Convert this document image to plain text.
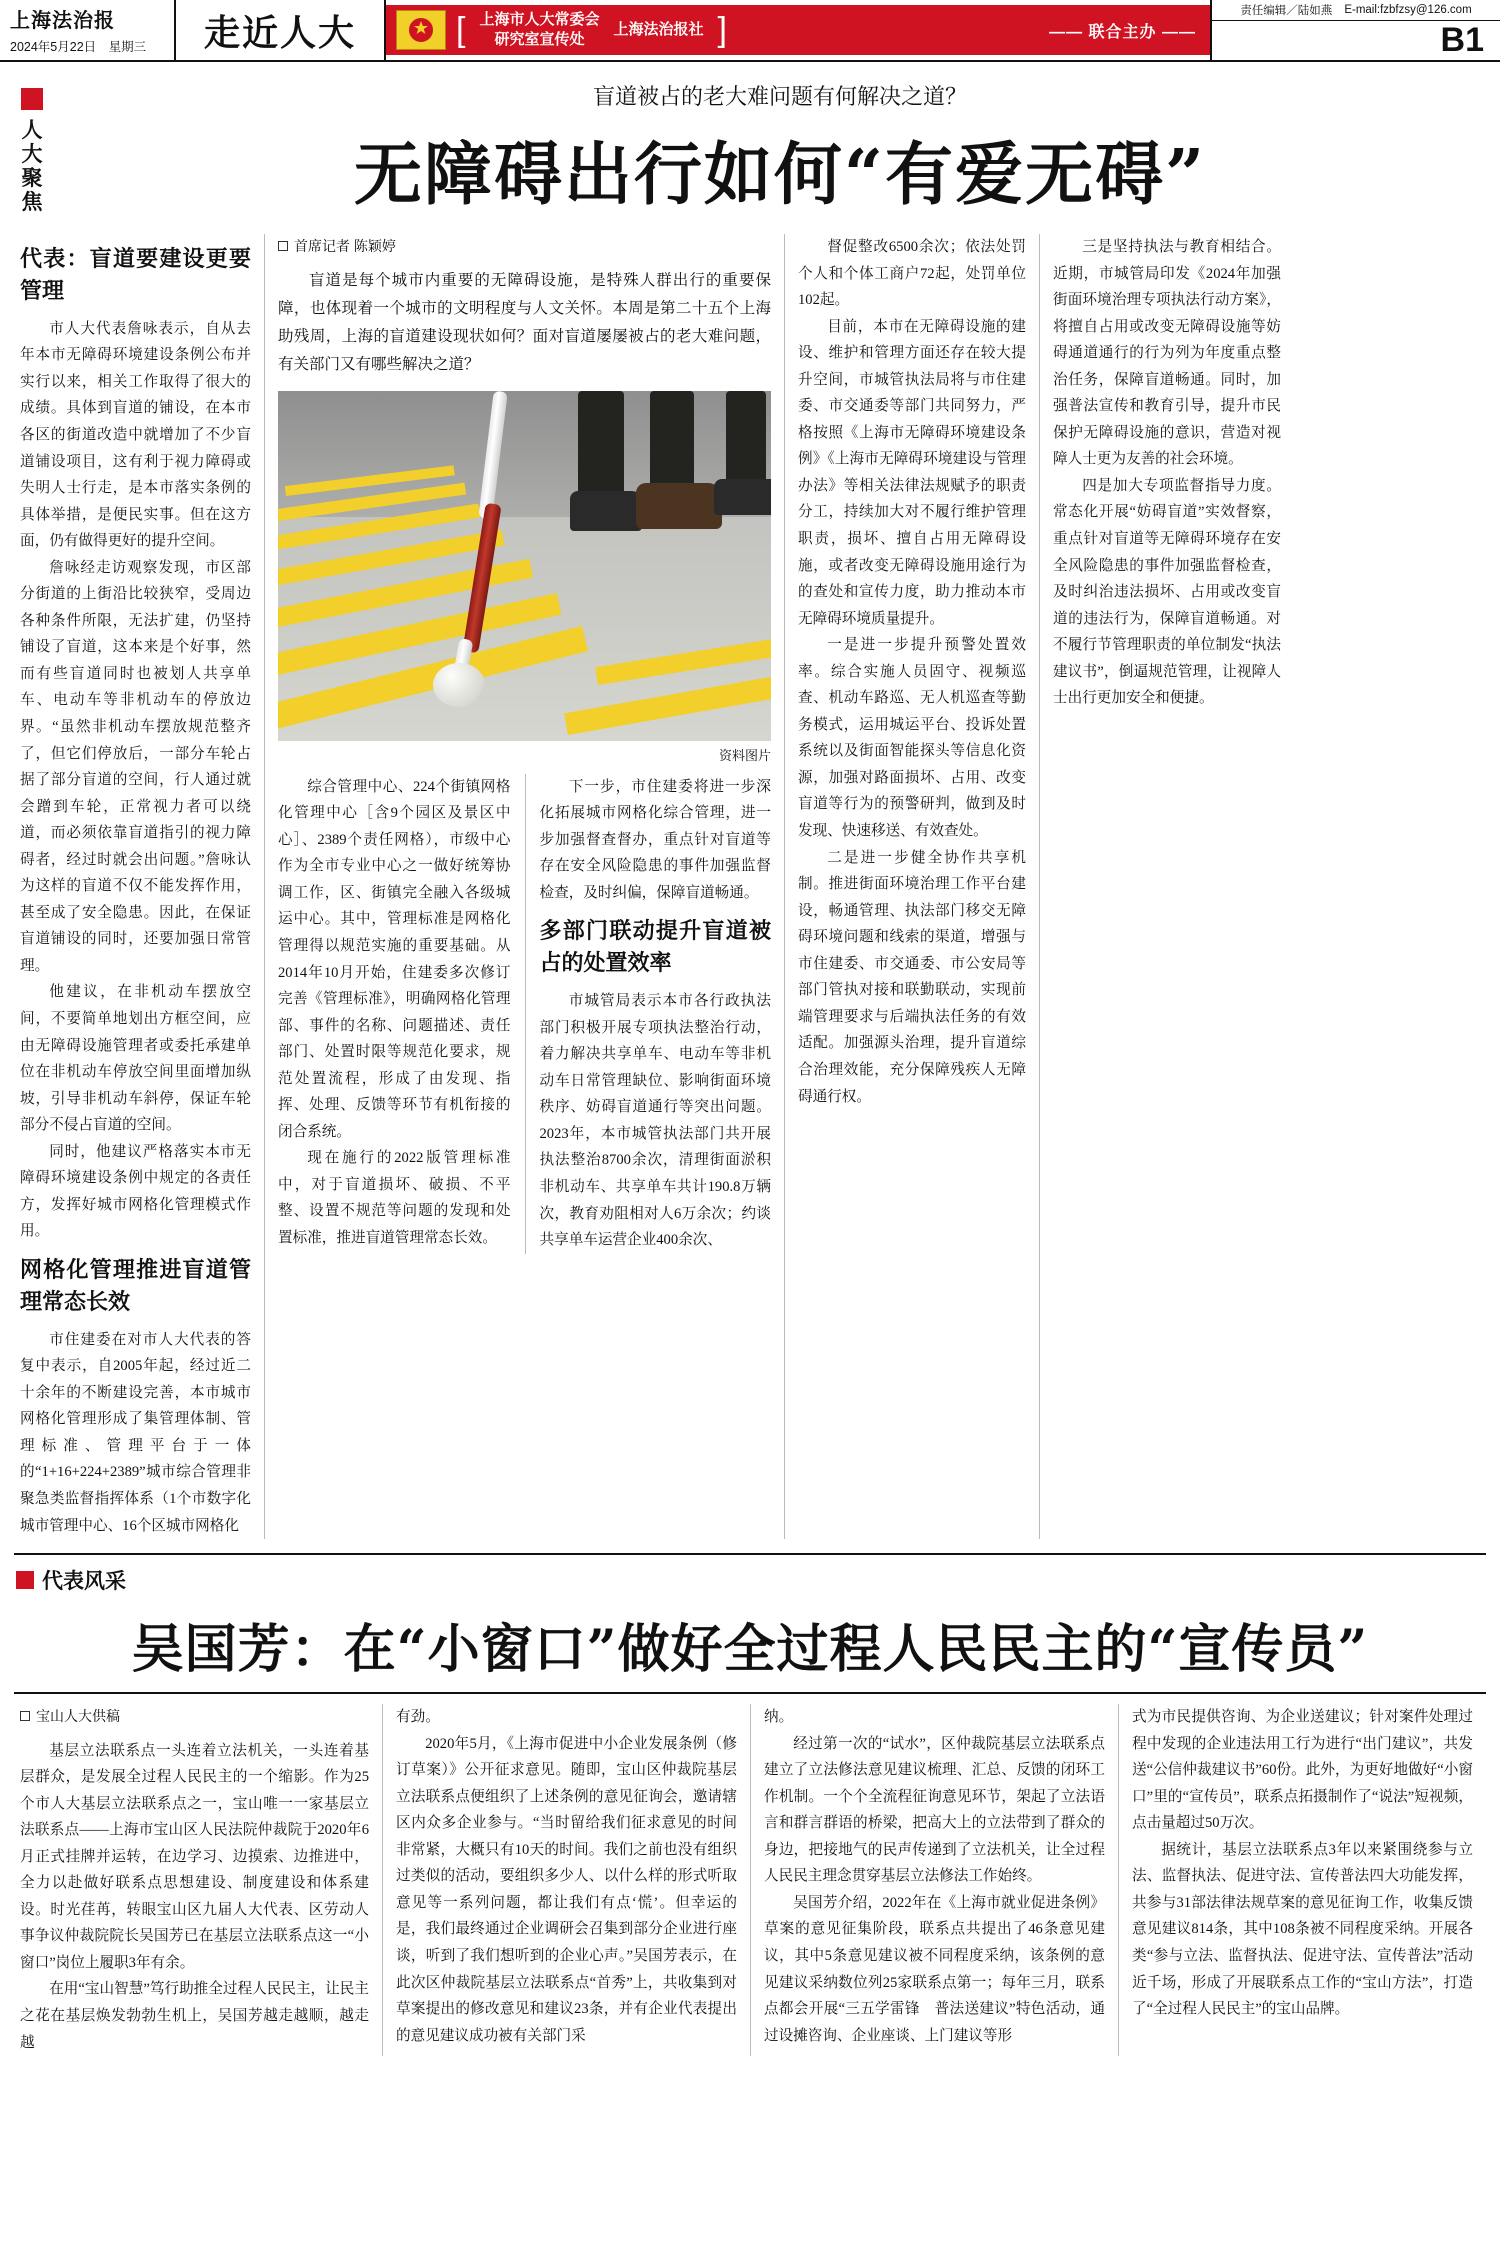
上海法治报
2024年5月22日　星期三	走近人大	[ 上海市人大常委会
研究室宣传处
上海法治报社 ]	—— 联合主办 ——
责任编辑／陆如燕 E-mail:fzbfzsy@126.com
B1
人大聚焦
盲道被占的老大难问题有何解决之道？
无障碍出行如何“有爱无碍”
代表：盲道要建设更要管理

市人大代表詹咏表示，自从去年本市无障碍环境建设条例公布并实行以来，相关工作取得了很大的成绩。具体到盲道的铺设，在本市各区的街道改造中就增加了不少盲道铺设项目，这有利于视力障碍或失明人士行走，是本市落实条例的具体举措，是便民实事。但在这方面，仍有做得更好的提升空间。

詹咏经走访观察发现，市区部分街道的上街沿比较狭窄，受周边各种条件所限，无法扩建，仍坚持铺设了盲道，这本来是个好事，然而有些盲道同时也被划人共享单车、电动车等非机动车的停放边界。“虽然非机动车摆放规范整齐了，但它们停放后，一部分车轮占据了部分盲道的空间，行人通过就会蹭到车轮，正常视力者可以绕道，而必须依靠盲道指引的视力障碍者，经过时就会出问题。”詹咏认为这样的盲道不仅不能发挥作用，甚至成了安全隐患。因此，在保证盲道铺设的同时，还要加强日常管理。

他建议，在非机动车摆放空间，不要简单地划出方框空间，应由无障碍设施管理者或委托承建单位在非机动车停放空间里面增加纵坡，引导非机动车斜停，保证车轮部分不侵占盲道的空间。

同时，他建议严格落实本市无障碍环境建设条例中规定的各责任方，发挥好城市网格化管理模式作用。

网格化管理推进盲道管理常态长效

市住建委在对市人大代表的答复中表示，自2005年起，经过近二十余年的不断建设完善，本市城市网格化管理形成了集管理体制、管理标准、管理平台于一体的“1+16+224+2389”城市综合管理非聚急类监督指挥体系（1个市数字化城市管理中心、16个区城市网格化

首席记者 陈颖婷

盲道是每个城市内重要的无障碍设施，是特殊人群出行的重要保障，也体现着一个城市的文明程度与人文关怀。本周是第二十五个上海助残周，上海的盲道建设现状如何？面对盲道屡屡被占的老大难问题，有关部门又有哪些解决之道？

资料图片

综合管理中心、224个街镇网格化管理中心［含9个园区及景区中心］、2389个责任网格），市级中心作为全市专业中心之一做好统筹协调工作，区、街镇完全融入各级城运中心。其中，管理标准是网格化管理得以规范实施的重要基础。从2014年10月开始，住建委多次修订完善《管理标准》，明确网格化管理部、事件的名称、问题描述、责任部门、处置时限等规范化要求，规范处置流程，形成了由发现、指挥、处理、反馈等环节有机衔接的闭合系统。

现在施行的2022版管理标准中，对于盲道损坏、破损、不平整、设置不规范等问题的发现和处置标准，推进盲道管理常态长效。

下一步，市住建委将进一步深化拓展城市网格化综合管理，进一步加强督查督办，重点针对盲道等存在安全风险隐患的事件加强监督检查，及时纠偏，保障盲道畅通。

多部门联动提升盲道被占的处置效率

市城管局表示本市各行政执法部门积极开展专项执法整治行动，着力解决共享单车、电动车等非机动车日常管理缺位、影响街面环境秩序、妨碍盲道通行等突出问题。2023年，本市城管执法部门共开展执法整治8700余次，清理街面淤积非机动车、共享单车共计190.8万辆次，教育劝阻相对人6万余次；约谈共享单车运营企业400余次、

督促整改6500余次；依法处罚个人和个体工商户72起，处罚单位102起。

目前，本市在无障碍设施的建设、维护和管理方面还存在较大提升空间，市城管执法局将与市住建委、市交通委等部门共同努力，严格按照《上海市无障碍环境建设条例》《上海市无障碍环境建设与管理办法》等相关法律法规赋予的职责分工，持续加大对不履行维护管理职责，损坏、擅自占用无障碍设施，或者改变无障碍设施用途行为的查处和宣传力度，助力推动本市无障碍环境质量提升。

一是进一步提升预警处置效率。综合实施人员固守、视频巡查、机动车路巡、无人机巡查等勤务模式，运用城运平台、投诉处置系统以及街面智能探头等信息化资源，加强对路面损坏、占用、改变盲道等行为的预警研判，做到及时发现、快速移送、有效查处。

二是进一步健全协作共享机制。推进街面环境治理工作平台建设，畅通管理、执法部门移交无障碍环境问题和线索的渠道，增强与市住建委、市交通委、市公安局等部门管执对接和联勤联动，实现前端管理要求与后端执法任务的有效适配。加强源头治理，提升盲道综合治理效能，充分保障残疾人无障碍通行权。

三是坚持执法与教育相结合。近期，市城管局印发《2024年加强街面环境治理专项执法行动方案》，将擅自占用或改变无障碍设施等妨碍通道通行的行为列为年度重点整治任务，保障盲道畅通。同时，加强普法宣传和教育引导，提升市民保护无障碍设施的意识，营造对视障人士更为友善的社会环境。

四是加大专项监督指导力度。常态化开展“妨碍盲道”实效督察，重点针对盲道等无障碍环境存在安全风险隐患的事件加强监督检查，及时纠治违法损坏、占用或改变盲道的违法行为，保障盲道畅通。对不履行节管理职责的单位制发“执法建议书”，倒逼规范管理，让视障人士出行更加安全和便捷。

代表风采
吴国芳：在“小窗口”做好全过程人民民主的“宣传员”
宝山人大供稿

基层立法联系点一头连着立法机关，一头连着基层群众，是发展全过程人民民主的一个缩影。作为25个市人大基层立法联系点之一，宝山唯一一家基层立法联系点——上海市宝山区人民法院仲裁院于2020年6月正式挂牌并运转，在边学习、边摸索、边推进中，全力以赴做好联系点思想建设、制度建设和体系建设。时光荏苒，转眼宝山区九届人大代表、区劳动人事争议仲裁院院长吴国芳已在基层立法联系点这一“小窗口”岗位上履职3年有余。

在用“宝山智慧”笃行助推全过程人民民主，让民主之花在基层焕发勃勃生机上，吴国芳越走越顺，越走越

有劲。

2020年5月，《上海市促进中小企业发展条例（修订草案）》公开征求意见。随即，宝山区仲裁院基层立法联系点便组织了上述条例的意见征询会，邀请辖区内众多企业参与。“当时留给我们征求意见的时间非常紧，大概只有10天的时间。我们之前也没有组织过类似的活动，要组织多少人、以什么样的形式听取意见等一系列问题，都让我们有点‘慌’。但幸运的是，我们最终通过企业调研会召集到部分企业进行座谈，听到了我们想听到的企业心声。”吴国芳表示，在此次区仲裁院基层立法联系点“首秀”上，共收集到对草案提出的修改意见和建议23条，并有企业代表提出的意见建议成功被有关部门采

纳。

经过第一次的“试水”，区仲裁院基层立法联系点建立了立法修法意见建议梳理、汇总、反馈的闭环工作机制。一个个全流程征询意见环节，架起了立法语言和群言群语的桥梁，把高大上的立法带到了群众的身边，把接地气的民声传递到了立法机关，让全过程人民民主理念贯穿基层立法修法工作始终。

吴国芳介绍，2022年在《上海市就业促进条例》草案的意见征集阶段，联系点共提出了46条意见建议，其中5条意见建议被不同程度采纳，该条例的意见建议采纳数位列25家联系点第一；每年三月，联系点都会开展“三五学雷锋　普法送建议”特色活动，通过设摊咨询、企业座谈、上门建议等形

式为市民提供咨询、为企业送建议；针对案件处理过程中发现的企业违法用工行为进行“出门建议”，共发送“公信仲裁建议书”60份。此外，为更好地做好“小窗口”里的“宣传员”，联系点拓摄制作了“说法”短视频，点击量超过50万次。

据统计，基层立法联系点3年以来紧围绕参与立法、监督执法、促进守法、宣传普法四大功能发挥，共参与31部法律法规草案的意见征询工作，收集反馈意见建议814条，其中108条被不同程度采纳。开展各类“参与立法、监督执法、促进守法、宣传普法”活动近千场，形成了开展联系点工作的“宝山方法”，打造了“全过程人民民主”的宝山品牌。
